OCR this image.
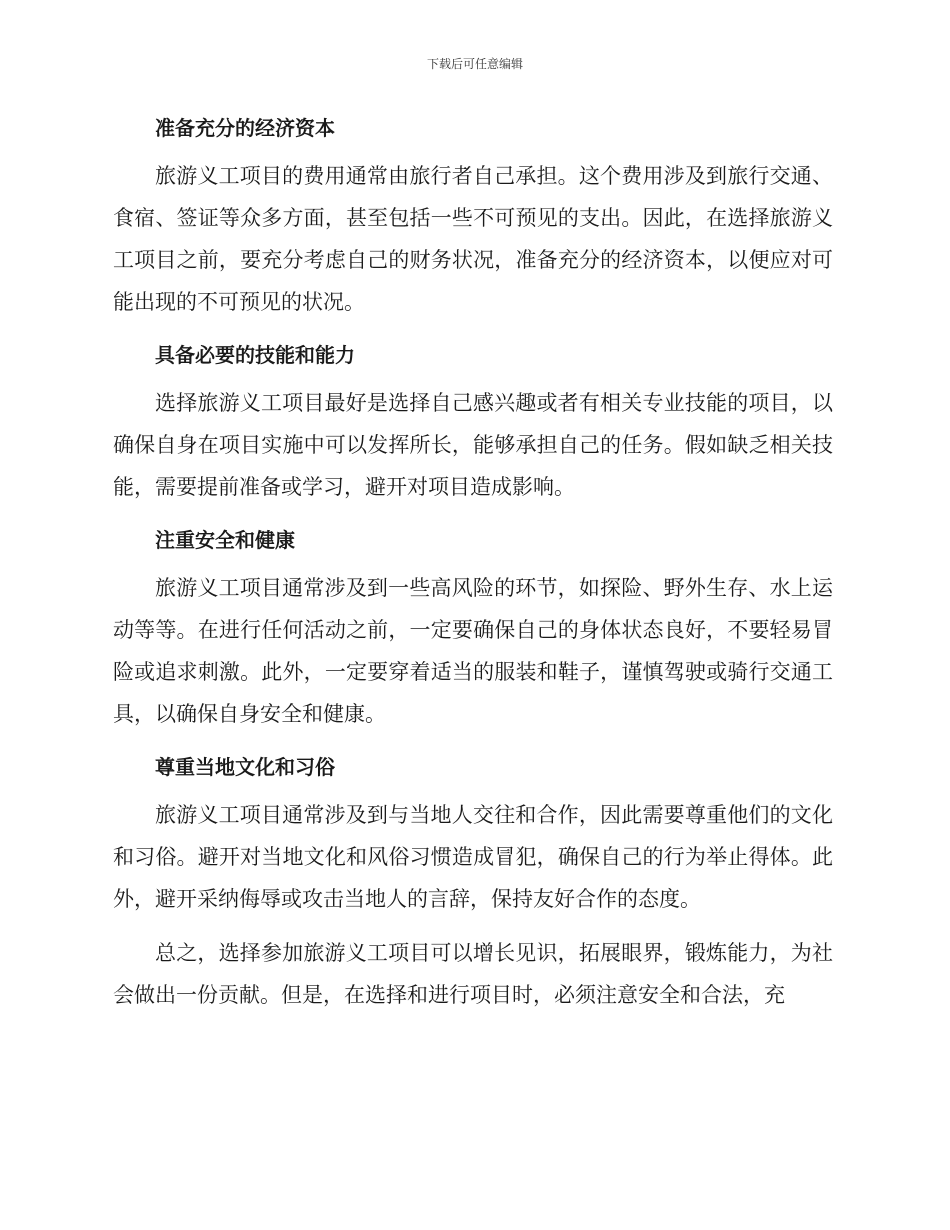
下载后可任意编辑
准备充分的经济资本

旅游义工项目的费用通常由旅行者自己承担。这个费用涉及到旅行交通、食宿、签证等众多方面，甚至包括一些不可预见的支出。因此，在选择旅游义工项目之前，要充分考虑自己的财务状况，准备充分的经济资本，以便应对可能出现的不可预见的状况。

具备必要的技能和能力

选择旅游义工项目最好是选择自己感兴趣或者有相关专业技能的项目，以确保自身在项目实施中可以发挥所长，能够承担自己的任务。假如缺乏相关技能，需要提前准备或学习，避开对项目造成影响。

注重安全和健康

旅游义工项目通常涉及到一些高风险的环节，如探险、野外生存、水上运动等等。在进行任何活动之前，一定要确保自己的身体状态良好，不要轻易冒险或追求刺激。此外，一定要穿着适当的服装和鞋子，谨慎驾驶或骑行交通工具，以确保自身安全和健康。

尊重当地文化和习俗

旅游义工项目通常涉及到与当地人交往和合作，因此需要尊重他们的文化和习俗。避开对当地文化和风俗习惯造成冒犯，确保自己的行为举止得体。此外，避开采纳侮辱或攻击当地人的言辞，保持友好合作的态度。

总之，选择参加旅游义工项目可以增长见识，拓展眼界，锻炼能力，为社会做出一份贡献。但是，在选择和进行项目时，必须注意安全和合法，充
